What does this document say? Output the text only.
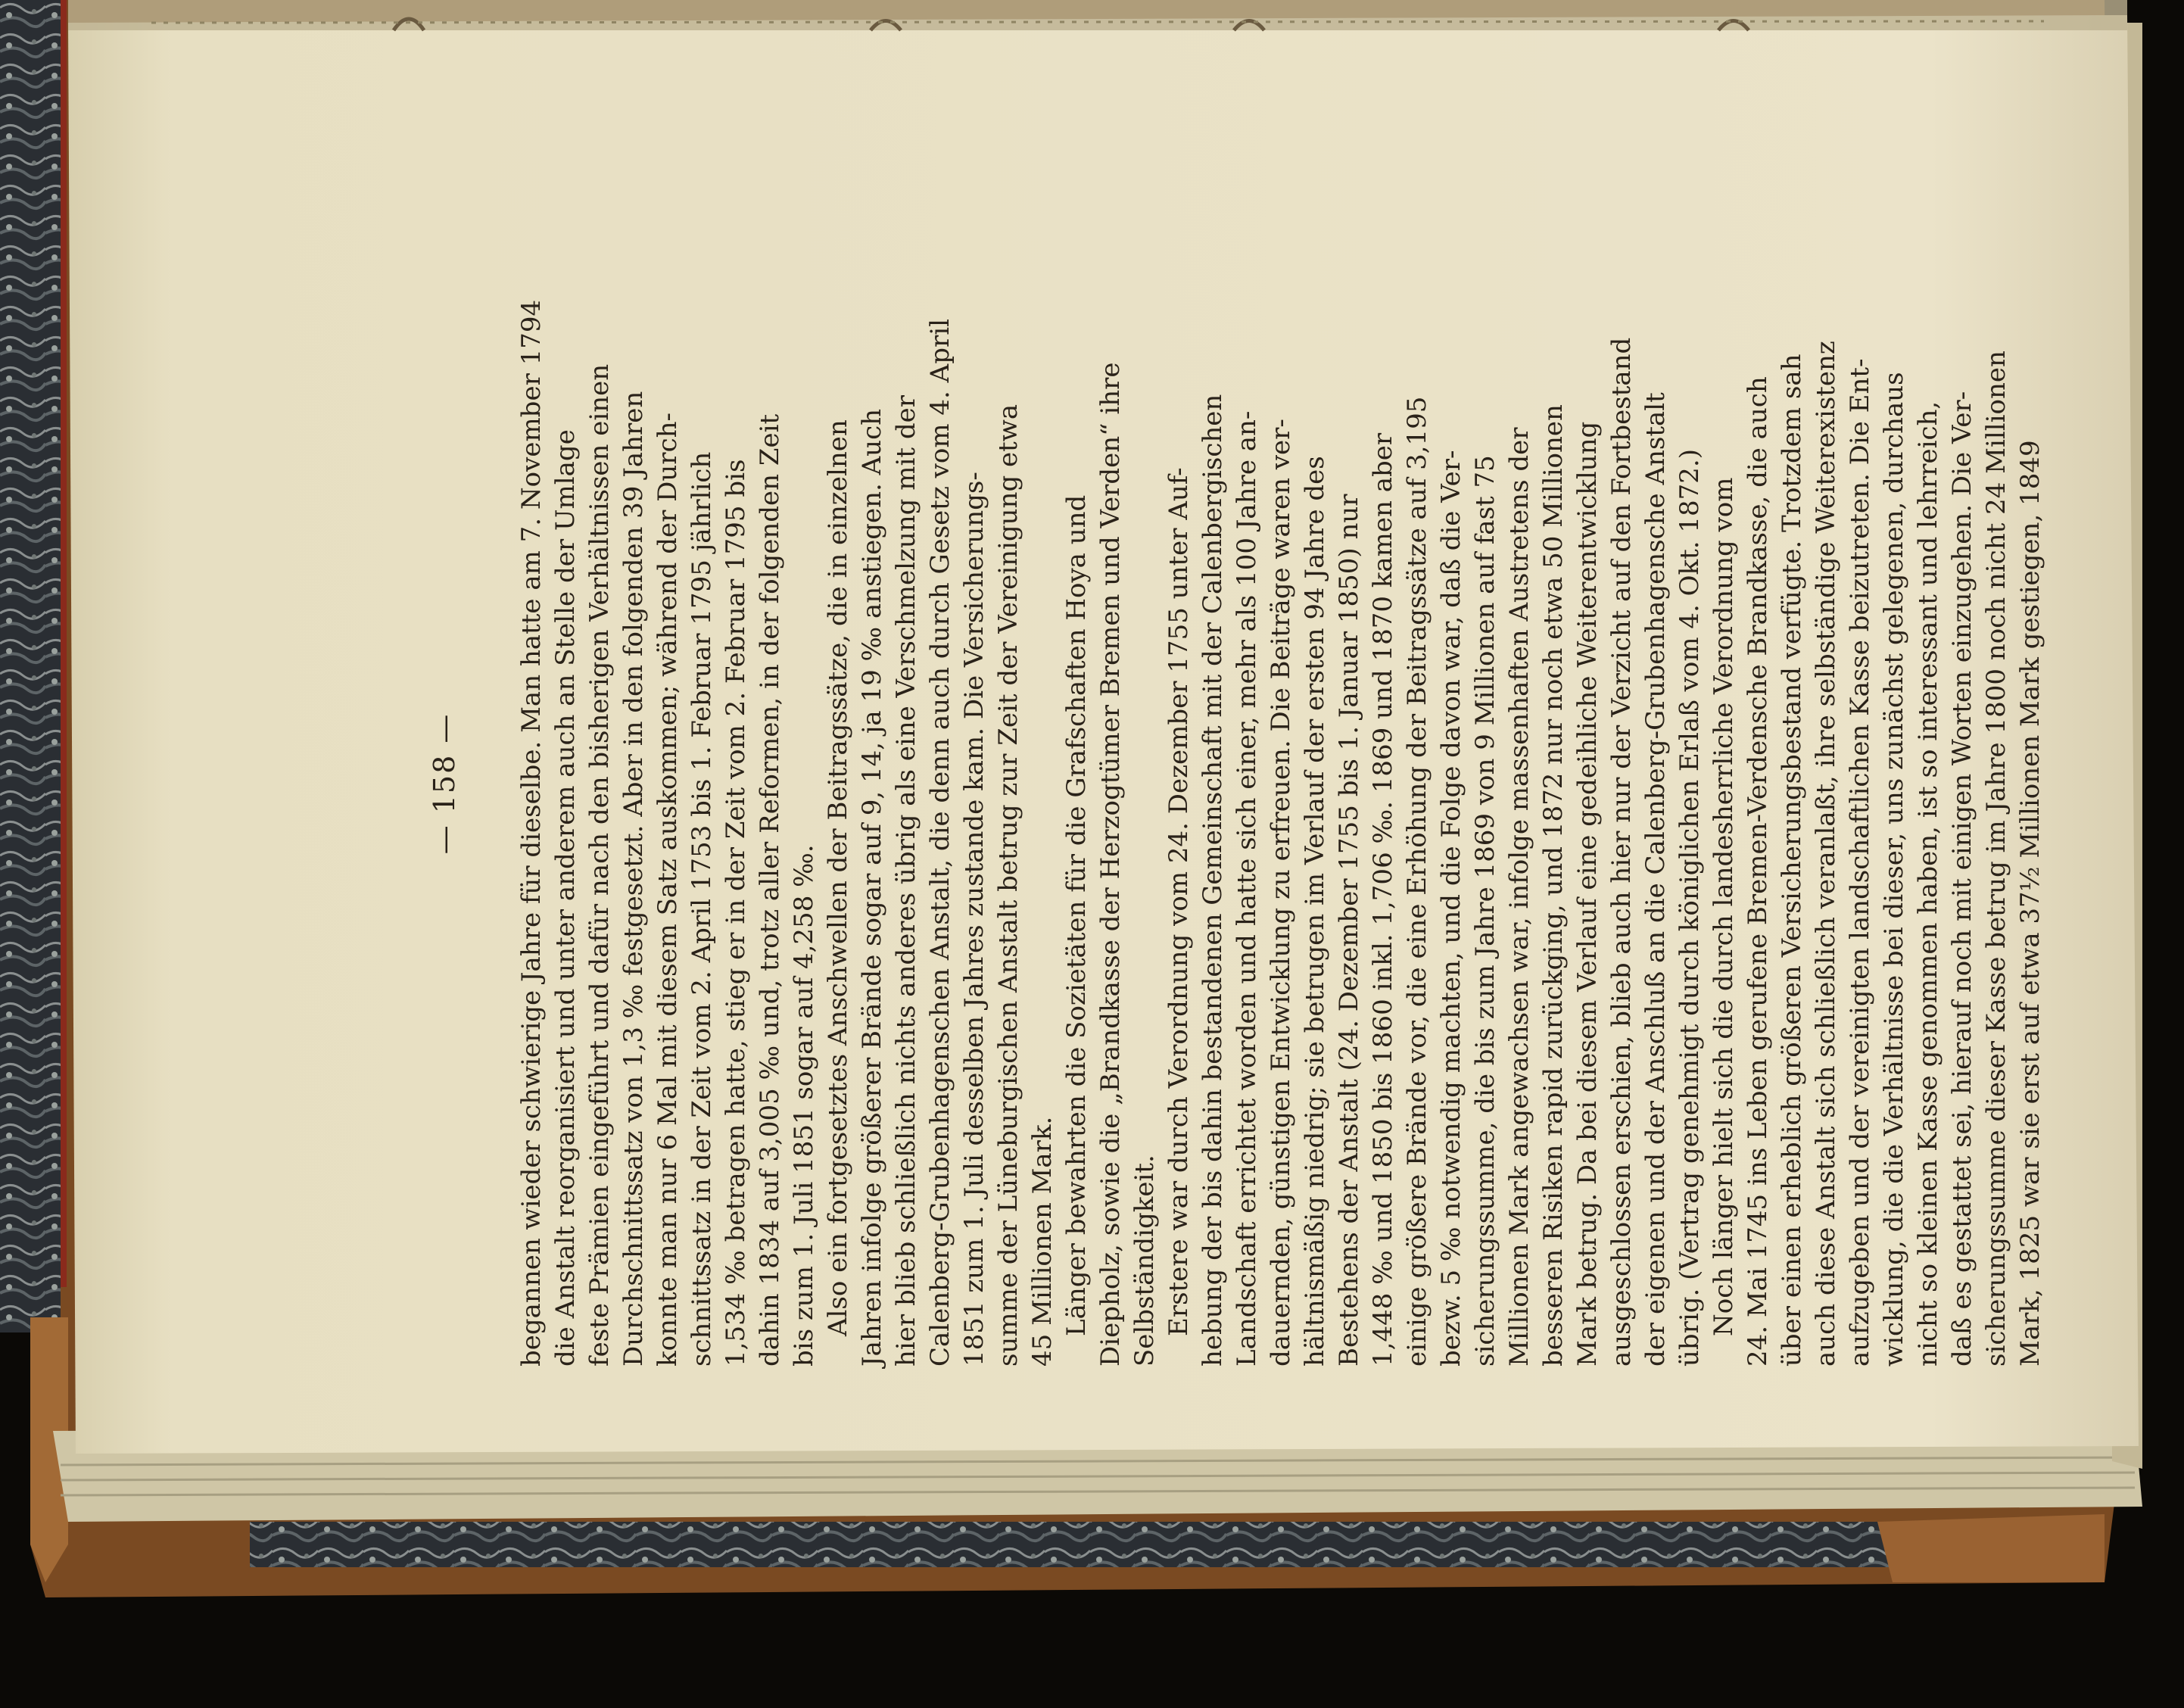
— 158 — begannen wieder schwierige Jahre für dieselbe. Man hatte am 7. November 1794 die Anstalt reorganisiert und unter anderem auch an Stelle der Umlage feste Prämien eingeführt und dafür nach den bisherigen Verhältnissen einen Durchschnittssatz von 1,3 ‰ festgesetzt. Aber in den folgenden 39 Jahren konnte man nur 6 Mal mit diesem Satz auskommen; während der Durch- schnittssatz in der Zeit vom 2. April 1753 bis 1. Februar 1795 jährlich 1,534 ‰ betragen hatte, stieg er in der Zeit vom 2. Februar 1795 bis dahin 1834 auf 3,005 ‰ und, trotz aller Reformen, in der folgenden Zeit bis zum 1. Juli 1851 sogar auf 4,258 ‰. Also ein fortgesetztes Anschwellen der Beitragssätze, die in einzelnen Jahren infolge größerer Brände sogar auf 9, 14, ja 19 ‰ anstiegen. Auch hier blieb schließlich nichts anderes übrig als eine Verschmelzung mit der Calenberg-Grubenhagenschen Anstalt, die denn auch durch Gesetz vom 4. April 1851 zum 1. Juli desselben Jahres zustande kam. Die Versicherungs- summe der Lüneburgischen Anstalt betrug zur Zeit der Vereinigung etwa 45 Millionen Mark. Länger bewahrten die Sozietäten für die Grafschaften Hoya und Diepholz, sowie die „Brandkasse der Herzogtümer Bremen und Verden“ ihre Selbständigkeit. Erstere war durch Verordnung vom 24. Dezember 1755 unter Auf- hebung der bis dahin bestandenen Gemeinschaft mit der Calenbergischen Landschaft errichtet worden und hatte sich einer, mehr als 100 Jahre an- dauernden, günstigen Entwicklung zu erfreuen. Die Beiträge waren ver- hältnismäßig niedrig; sie betrugen im Verlauf der ersten 94 Jahre des Bestehens der Anstalt (24. Dezember 1755 bis 1. Januar 1850) nur 1,448 ‰ und 1850 bis 1860 inkl. 1,706 ‰. 1869 und 1870 kamen aber einige größere Brände vor, die eine Erhöhung der Beitragssätze auf 3,195 bezw. 5 ‰ notwendig machten, und die Folge davon war, daß die Ver- sicherungssumme, die bis zum Jahre 1869 von 9 Millionen auf fast 75 Millionen Mark angewachsen war, infolge massenhaften Austretens der besseren Risiken rapid zurückging, und 1872 nur noch etwa 50 Millionen Mark betrug. Da bei diesem Verlauf eine gedeihliche Weiterentwicklung ausgeschlossen erschien, blieb auch hier nur der Verzicht auf den Fortbestand der eigenen und der Anschluß an die Calenberg-Grubenhagensche Anstalt übrig. (Vertrag genehmigt durch königlichen Erlaß vom 4. Okt. 1872.) Noch länger hielt sich die durch landesherrliche Verordnung vom 24. Mai 1745 ins Leben gerufene Bremen-Verdensche Brandkasse, die auch über einen erheblich größeren Versicherungsbestand verfügte. Trotzdem sah auch diese Anstalt sich schließlich veranlaßt, ihre selbständige Weiterexistenz aufzugeben und der vereinigten landschaftlichen Kasse beizutreten. Die Ent- wicklung, die die Verhältnisse bei dieser, uns zunächst gelegenen, durchaus nicht so kleinen Kasse genommen haben, ist so interessant und lehrreich, daß es gestattet sei, hierauf noch mit einigen Worten einzugehen. Die Ver- sicherungssumme dieser Kasse betrug im Jahre 1800 noch nicht 24 Millionen Mark, 1825 war sie erst auf etwa 37½ Millionen Mark gestiegen, 1849
